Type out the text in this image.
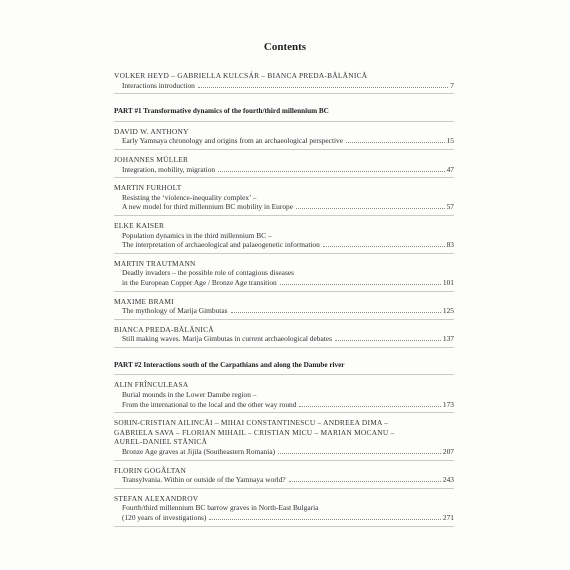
Contents
VOLKER HEYD – GABRIELLA KULCSÁR – BIANCA PREDA-BĂLĂNICĂ
Interactions introduction	7
PART #1 Transformative dynamics of the fourth/third millennium BC
DAVID W. ANTHONY
Early Yamnaya chronology and origins from an archaeological perspective	15
JOHANNES MÜLLER
Integration, mobility, migration	47
MARTIN FURHOLT
Resisting the ‘violence-inequality complex’ –
A new model for third millennium BC mobility in Europe	57
ELKE KAISER
Population dynamics in the third millennium BC –
The interpretation of archaeological and palaeogenetic information	83
MARTIN TRAUTMANN
Deadly invaders – the possible role of contagious diseases
in the European Copper Age / Bronze Age transition	101
MAXIME BRAMI
The mythology of Marija Gimbutas	125
BIANCA PREDA-BĂLĂNICĂ
Still making waves. Marija Gimbutas in current archaeological debates	137
PART #2 Interactions south of the Carpathians and along the Danube river
ALIN FRÎNCULEASA
Burial mounds in the Lower Danube region –
From the international to the local and the other way round	173
SORIN-CRISTIAN AILINCĂI – MIHAI CONSTANTINESCU – ANDREEA DIMA –
GABRIELA SAVA – FLORIAN MIHAIL – CRISTIAN MICU – MARIAN MOCANU –
AUREL-DANIEL STĂNICĂ
Bronze Age graves at Jijila (Southeastern Romania)	207
FLORIN GOGÂLTAN
Transylvania. Within or outside of the Yamnaya world?	243
STEFAN ALEXANDROV
Fourth/third millennium BC barrow graves in North-East Bulgaria
(120 years of investigations)	271
